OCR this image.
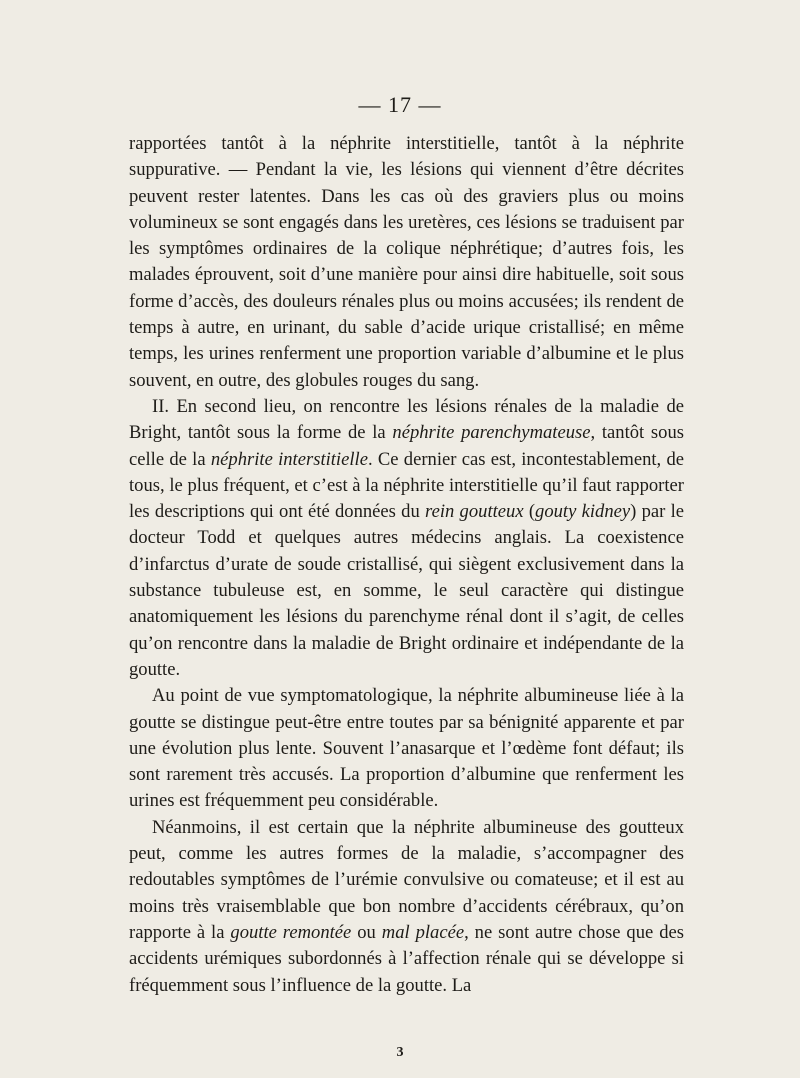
— 17 —

rapportées tantôt à la néphrite interstitielle, tantôt à la néphrite suppurative. — Pendant la vie, les lésions qui viennent d’être décrites peuvent rester latentes. Dans les cas où des graviers plus ou moins volumineux se sont engagés dans les uretères, ces lésions se traduisent par les symptômes ordinaires de la colique néphrétique; d’autres fois, les malades éprouvent, soit d’une manière pour ainsi dire habituelle, soit sous forme d’accès, des douleurs rénales plus ou moins accusées; ils rendent de temps à autre, en urinant, du sable d’acide urique cristallisé; en même temps, les urines renferment une proportion variable d’albumine et le plus souvent, en outre, des globules rouges du sang.

II. En second lieu, on rencontre les lésions rénales de la maladie de Bright, tantôt sous la forme de la néphrite parenchymateuse, tantôt sous celle de la néphrite interstitielle. Ce dernier cas est, incontestablement, de tous, le plus fréquent, et c’est à la néphrite interstitielle qu’il faut rapporter les descriptions qui ont été données du rein goutteux (gouty kidney) par le docteur Todd et quelques autres médecins anglais. La coexistence d’infarctus d’urate de soude cristallisé, qui siègent exclusivement dans la substance tubuleuse est, en somme, le seul caractère qui distingue anatomiquement les lésions du parenchyme rénal dont il s’agit, de celles qu’on rencontre dans la maladie de Bright ordinaire et indépendante de la goutte.

Au point de vue symptomatologique, la néphrite albumineuse liée à la goutte se distingue peut-être entre toutes par sa bénignité apparente et par une évolution plus lente. Souvent l’anasarque et l’œdème font défaut; ils sont rarement très accusés. La proportion d’albumine que renferment les urines est fréquemment peu considérable.

Néanmoins, il est certain que la néphrite albumineuse des goutteux peut, comme les autres formes de la maladie, s’accompagner des redoutables symptômes de l’urémie convulsive ou comateuse; et il est au moins très vraisemblable que bon nombre d’accidents cérébraux, qu’on rapporte à la goutte remontée ou mal placée, ne sont autre chose que des accidents urémiques subordonnés à l’affection rénale qui se développe si fréquemment sous l’influence de la goutte. La

3
